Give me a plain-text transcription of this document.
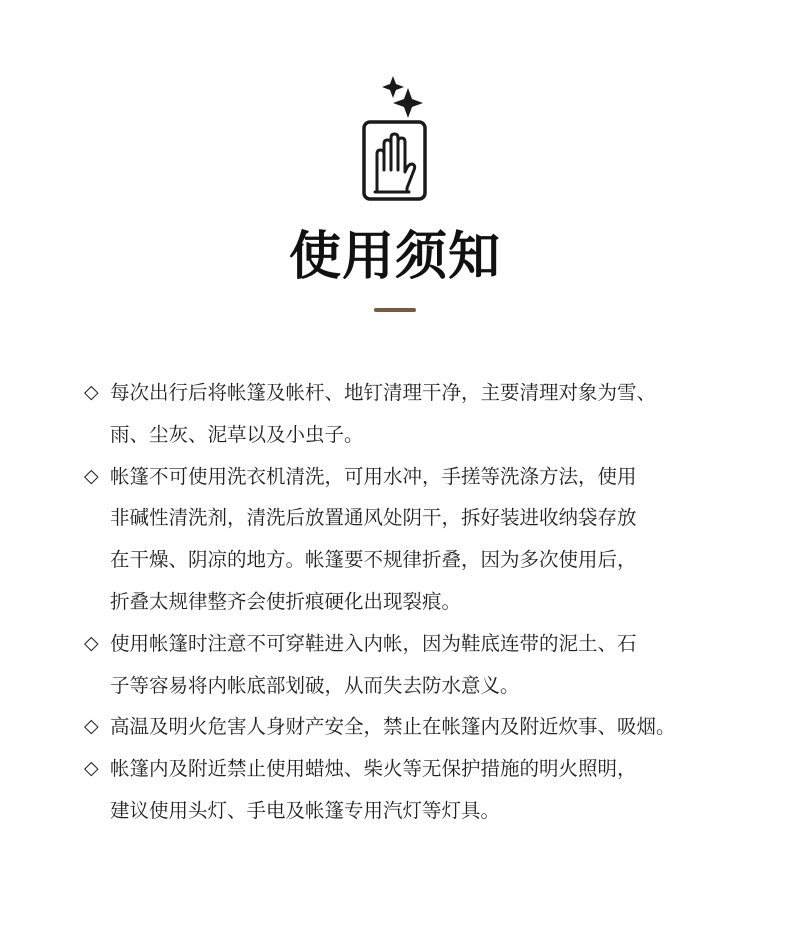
使用须知
◇ 每次出行后将帐篷及帐杆、地钉清理干净，主要清理对象为雪、
雨、尘灰、泥草以及小虫子。
◇ 帐篷不可使用洗衣机清洗，可用水冲，手搓等洗涤方法，使用
非碱性清洗剂，清洗后放置通风处阴干，拆好装进收纳袋存放
在干燥、阴凉的地方。帐篷要不规律折叠，因为多次使用后，
折叠太规律整齐会使折痕硬化出现裂痕。
◇ 使用帐篷时注意不可穿鞋进入内帐，因为鞋底连带的泥土、石
子等容易将内帐底部划破，从而失去防水意义。
◇ 高温及明火危害人身财产安全，禁止在帐篷内及附近炊事、吸烟。
◇ 帐篷内及附近禁止使用蜡烛、柴火等无保护措施的明火照明，
建议使用头灯、手电及帐篷专用汽灯等灯具。
